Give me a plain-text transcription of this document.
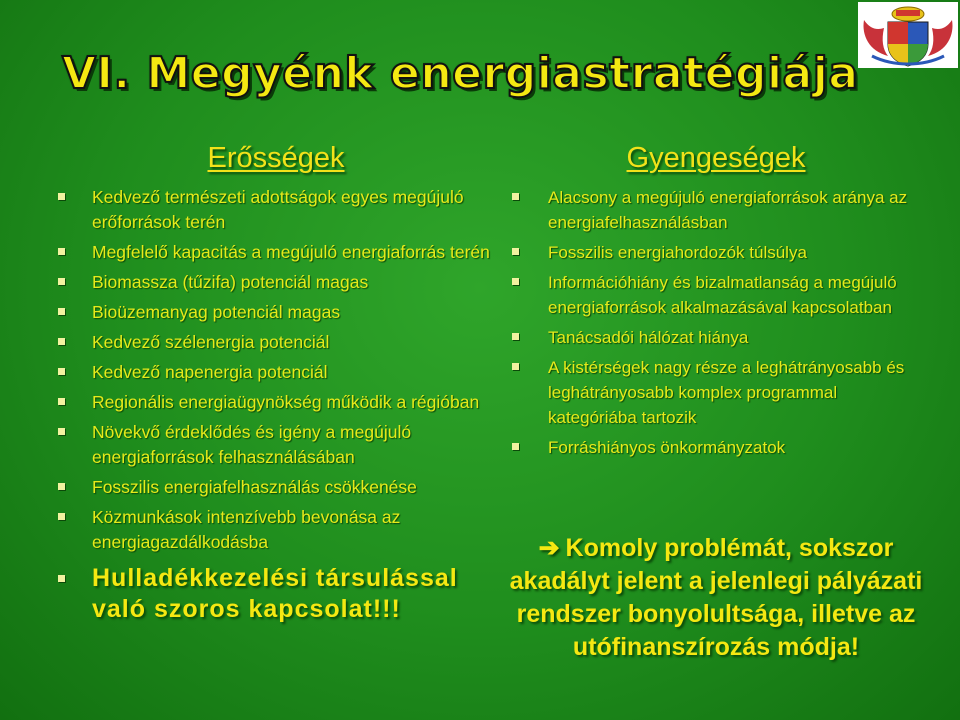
VI. Megyénk energiastratégiája
Erősségek
Kedvező természeti adottságok egyes megújuló erőforrások terén
Megfelelő kapacitás a megújuló energiaforrás terén
Biomassza (tűzifa) potenciál magas
Bioüzemanyag potenciál magas
Kedvező szélenergia potenciál
Kedvező napenergia potenciál
Regionális energiaügynökség működik a régióban
Növekvő érdeklődés és igény a megújuló energiaforrások felhasználásában
Fosszilis energiafelhasználás csökkenése
Közmunkások intenzívebb bevonása az energiagazdálkodásba
Hulladékkezelési társulással való szoros kapcsolat!!!
Gyengeségek
Alacsony a megújuló energiaforrások aránya az energiafelhasználásban
Fosszilis energiahordozók túlsúlya
Információhiány és bizalmatlanság a megújuló energiaforrások alkalmazásával kapcsolatban
Tanácsadói hálózat hiánya
A kistérségek nagy része a leghátrányosabb és leghátrányosabb komplex programmal kategóriába tartozik
Forráshiányos önkormányzatok
➔ Komoly problémát, sokszor akadályt jelent a jelenlegi pályázati rendszer bonyolultsága, illetve az utófinanszírozás módja!
